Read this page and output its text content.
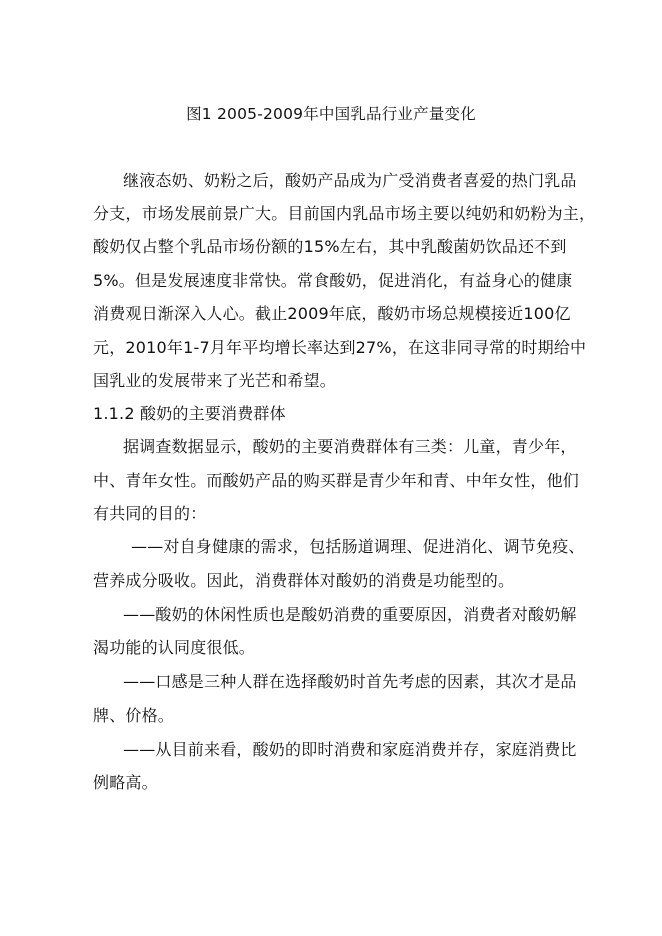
图1 2005-2009年中国乳品行业产量变化

继液态奶、奶粉之后，酸奶产品成为广受消费者喜爱的热门乳品

分支，市场发展前景广大。目前国内乳品市场主要以纯奶和奶粉为主，

酸奶仅占整个乳品市场份额的15%左右，其中乳酸菌奶饮品还不到

5%。但是发展速度非常快。常食酸奶，促进消化，有益身心的健康

消费观日渐深入人心。截止2009年底，酸奶市场总规模接近100亿

元，2010年1-7月年平均增长率达到27%，在这非同寻常的时期给中

国乳业的发展带来了光芒和希望。

1.1.2 酸奶的主要消费群体

据调查数据显示，酸奶的主要消费群体有三类：儿童，青少年，

中、青年女性。而酸奶产品的购买群是青少年和青、中年女性，他们

有共同的目的：

——对自身健康的需求，包括肠道调理、促进消化、调节免疫、

营养成分吸收。因此，消费群体对酸奶的消费是功能型的。

——酸奶的休闲性质也是酸奶消费的重要原因，消费者对酸奶解

渴功能的认同度很低。

——口感是三种人群在选择酸奶时首先考虑的因素，其次才是品

牌、价格。

——从目前来看，酸奶的即时消费和家庭消费并存，家庭消费比

例略高。
